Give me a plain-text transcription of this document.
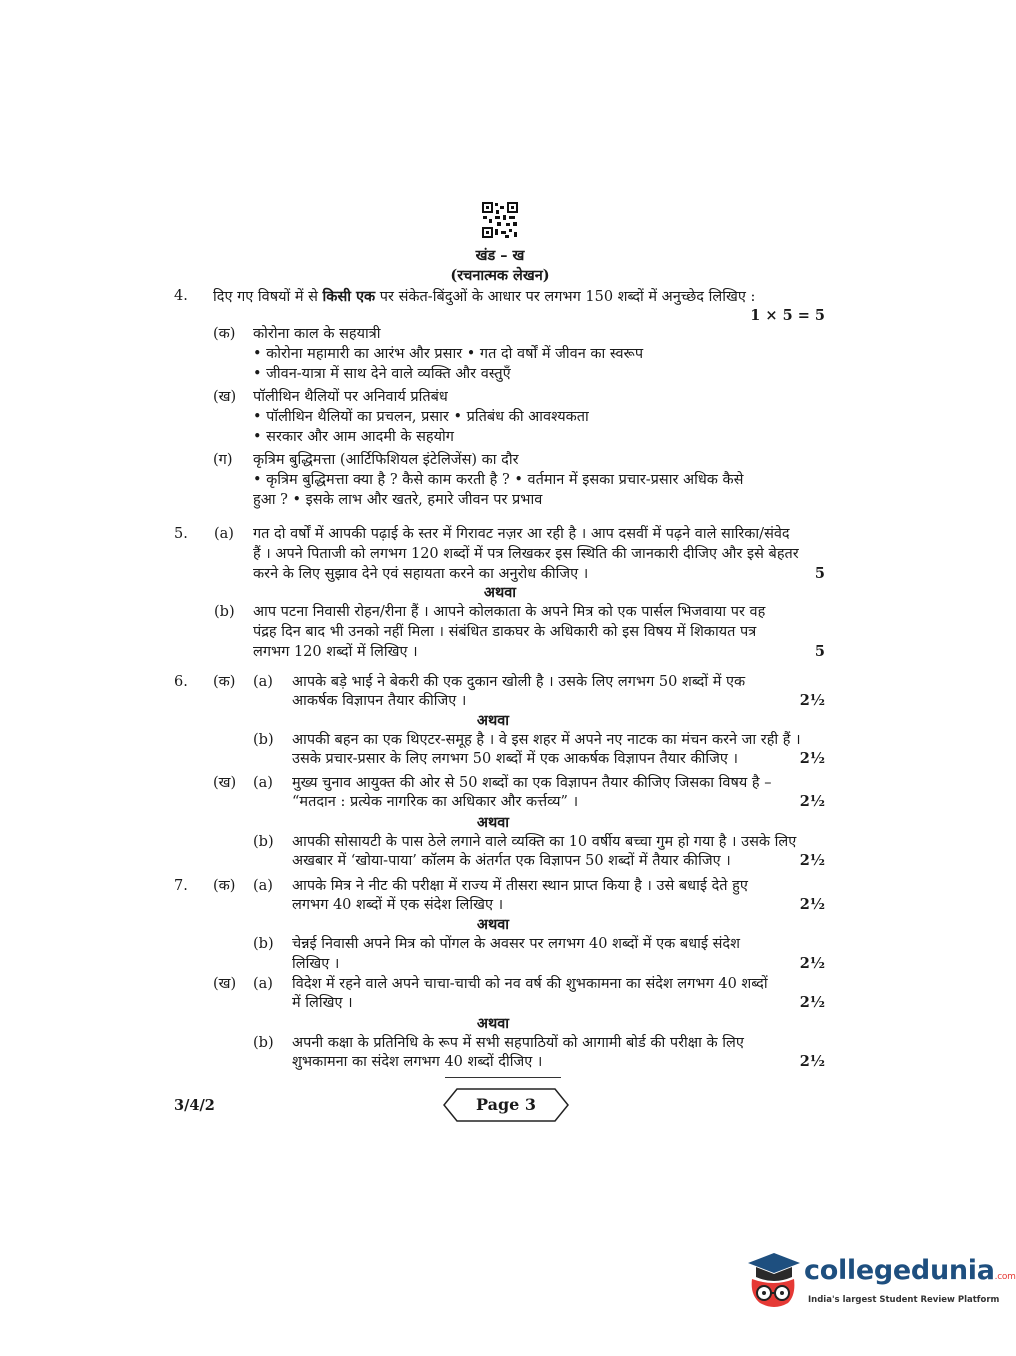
खंड – ख
(रचनात्मक लेखन)
4. दिए गए विषयों में से किसी एक पर संकेत-बिंदुओं के आधार पर लगभग 150 शब्दों में अनुच्छेद लिखिए :
1 × 5 = 5
(क) कोरोना काल के सहयात्री
• कोरोना महामारी का आरंभ और प्रसार • गत दो वर्षों में जीवन का स्वरूप
• जीवन-यात्रा में साथ देने वाले व्यक्ति और वस्तुएँ
(ख) पॉलीथिन थैलियों पर अनिवार्य प्रतिबंध
• पॉलीथिन थैलियों का प्रचलन, प्रसार • प्रतिबंध की आवश्यकता
• सरकार और आम आदमी के सहयोग
(ग) कृत्रिम बुद्धिमत्ता (आर्टिफिशियल इंटेलिजेंस) का दौर
• कृत्रिम बुद्धिमत्ता क्या है ? कैसे काम करती है ? • वर्तमान में इसका प्रचार-प्रसार अधिक कैसे
हुआ ? • इसके लाभ और खतरे, हमारे जीवन पर प्रभाव
5. (a) गत दो वर्षों में आपकी पढ़ाई के स्तर में गिरावट नज़र आ रही है । आप दसवीं में पढ़ने वाले सारिका/संवेद
हैं । अपने पिताजी को लगभग 120 शब्दों में पत्र लिखकर इस स्थिति की जानकारी दीजिए और इसे बेहतर
करने के लिए सुझाव देने एवं सहायता करने का अनुरोध कीजिए ।	5
अथवा
(b) आप पटना निवासी रोहन/रीना हैं । आपने कोलकाता के अपने मित्र को एक पार्सल भिजवाया पर वह
पंद्रह दिन बाद भी उनको नहीं मिला । संबंधित डाकघर के अधिकारी को इस विषय में शिकायत पत्र
लगभग 120 शब्दों में लिखिए ।	5
6. (क) (a) आपके बड़े भाई ने बेकरी की एक दुकान खोली है । उसके लिए लगभग 50 शब्दों में एक
आकर्षक विज्ञापन तैयार कीजिए ।	2½
अथवा
(b) आपकी बहन का एक थिएटर-समूह है । वे इस शहर में अपने नए नाटक का मंचन करने जा रही हैं ।
उसके प्रचार-प्रसार के लिए लगभग 50 शब्दों में एक आकर्षक विज्ञापन तैयार कीजिए ।	2½
(ख) (a) मुख्य चुनाव आयुक्त की ओर से 50 शब्दों का एक विज्ञापन तैयार कीजिए जिसका विषय है –
“मतदान : प्रत्येक नागरिक का अधिकार और कर्त्तव्य” ।	2½
अथवा
(b) आपकी सोसायटी के पास ठेले लगाने वाले व्यक्ति का 10 वर्षीय बच्चा गुम हो गया है । उसके लिए
अखबार में ‘खोया-पाया’ कॉलम के अंतर्गत एक विज्ञापन 50 शब्दों में तैयार कीजिए ।	2½
7. (क) (a) आपके मित्र ने नीट की परीक्षा में राज्य में तीसरा स्थान प्राप्त किया है । उसे बधाई देते हुए
लगभग 40 शब्दों में एक संदेश लिखिए ।	2½
अथवा
(b) चेन्नई निवासी अपने मित्र को पोंगल के अवसर पर लगभग 40 शब्दों में एक बधाई संदेश
लिखिए ।	2½
(ख) (a) विदेश में रहने वाले अपने चाचा-चाची को नव वर्ष की शुभकामना का संदेश लगभग 40 शब्दों
में लिखिए ।	2½
अथवा
(b) अपनी कक्षा के प्रतिनिधि के रूप में सभी सहपाठियों को आगामी बोर्ड की परीक्षा के लिए
शुभकामना का संदेश लगभग 40 शब्दों दीजिए ।	2½
3/4/2	Page 3
collegedunia.com
India's largest Student Review Platform
